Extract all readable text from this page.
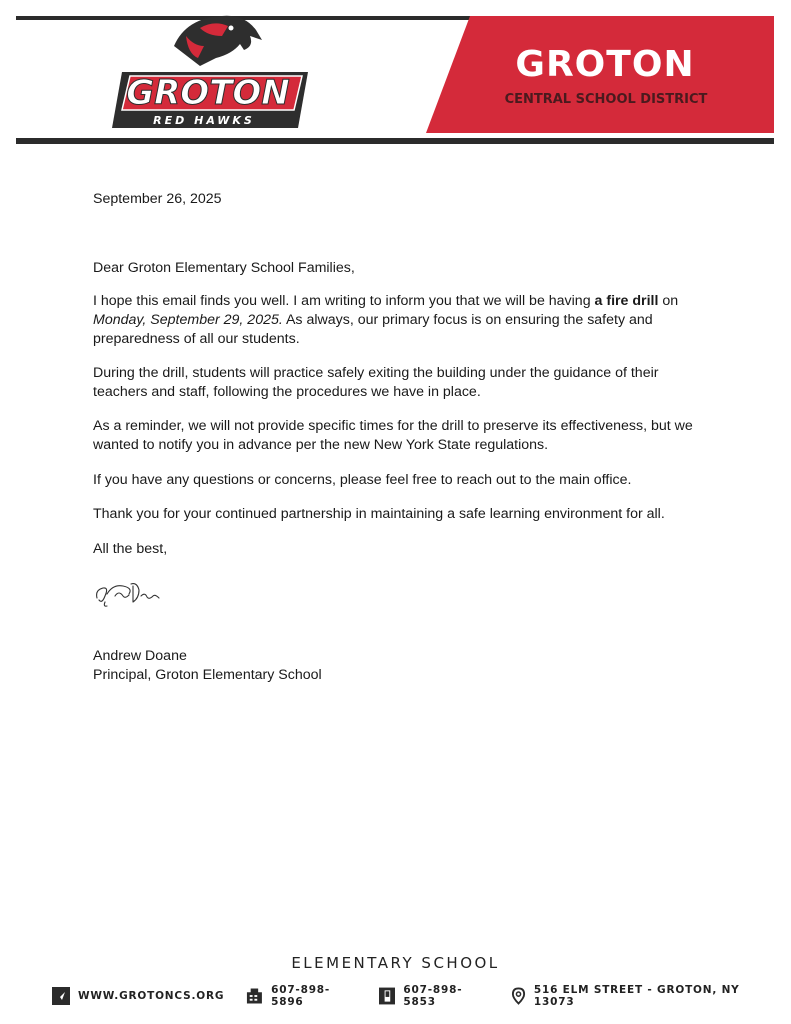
GROTON
RED HAWKS
GROTON
CENTRAL SCHOOL DISTRICT

September 26, 2025

Dear Groton Elementary School Families,

I hope this email finds you well. I am writing to inform you that we will be having a fire drill on Monday, September 29, 2025. As always, our primary focus is on ensuring the safety and preparedness of all our students.

During the drill, students will practice safely exiting the building under the guidance of their teachers and staff, following the procedures we have in place.

As a reminder, we will not provide specific times for the drill to preserve its effectiveness, but we wanted to notify you in advance per the new New York State regulations.

If you have any questions or concerns, please feel free to reach out to the main office.

Thank you for your continued partnership in maintaining a safe learning environment for all.

All the best,

Andrew Doane

Principal, Groton Elementary School

ELEMENTARY SCHOOL
WWW.GROTONCS.ORG	607-898-5896
607-898-5853
516 ELM STREET - GROTON, NY 13073
